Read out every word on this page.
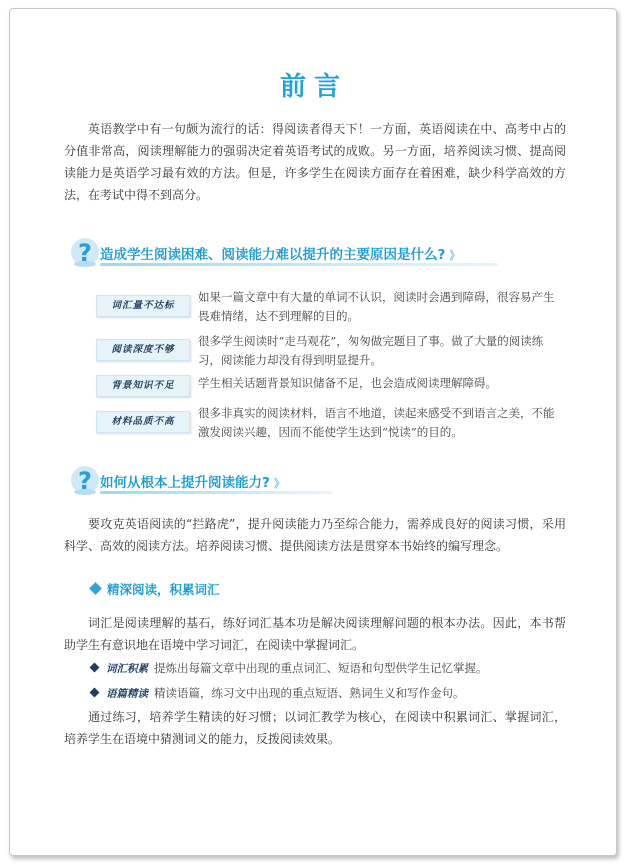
前言
英语教学中有一句颇为流行的话：得阅读者得天下！一方面，英语阅读在中、高考中占的分值非常高，阅读理解能力的强弱决定着英语考试的成败。另一方面，培养阅读习惯、提高阅读能力是英语学习最有效的方法。但是，许多学生在阅读方面存在着困难，缺少科学高效的方法，在考试中得不到高分。
? 造成学生阅读困难、阅读能力难以提升的主要原因是什么? 》
词汇量不达标
如果一篇文章中有大量的单词不认识，阅读时会遇到障碍，很容易产生畏难情绪，达不到理解的目的。
阅读深度不够
很多学生阅读时“走马观花”，匆匆做完题目了事。做了大量的阅读练习，阅读能力却没有得到明显提升。
背景知识不足	学生相关话题背景知识储备不足，也会造成阅读理解障碍。
材料品质不高
很多非真实的阅读材料，语言不地道，读起来感受不到语言之美，不能激发阅读兴趣，因而不能使学生达到“悦读”的目的。
? 如何从根本上提升阅读能力? 》
要攻克英语阅读的“拦路虎”，提升阅读能力乃至综合能力，需养成良好的阅读习惯，采用科学、高效的阅读方法。培养阅读习惯、提供阅读方法是贯穿本书始终的编写理念。
精深阅读，积累词汇
词汇是阅读理解的基石，练好词汇基本功是解决阅读理解问题的根本办法。因此，本书帮助学生有意识地在语境中学习词汇，在阅读中掌握词汇。
词汇积累 提炼出每篇文章中出现的重点词汇、短语和句型供学生记忆掌握。
语篇精读 精读语篇，练习文中出现的重点短语、熟词生义和写作金句。
通过练习，培养学生精读的好习惯；以词汇教学为核心，在阅读中积累词汇、掌握词汇，培养学生在语境中猜测词义的能力，反拨阅读效果。
